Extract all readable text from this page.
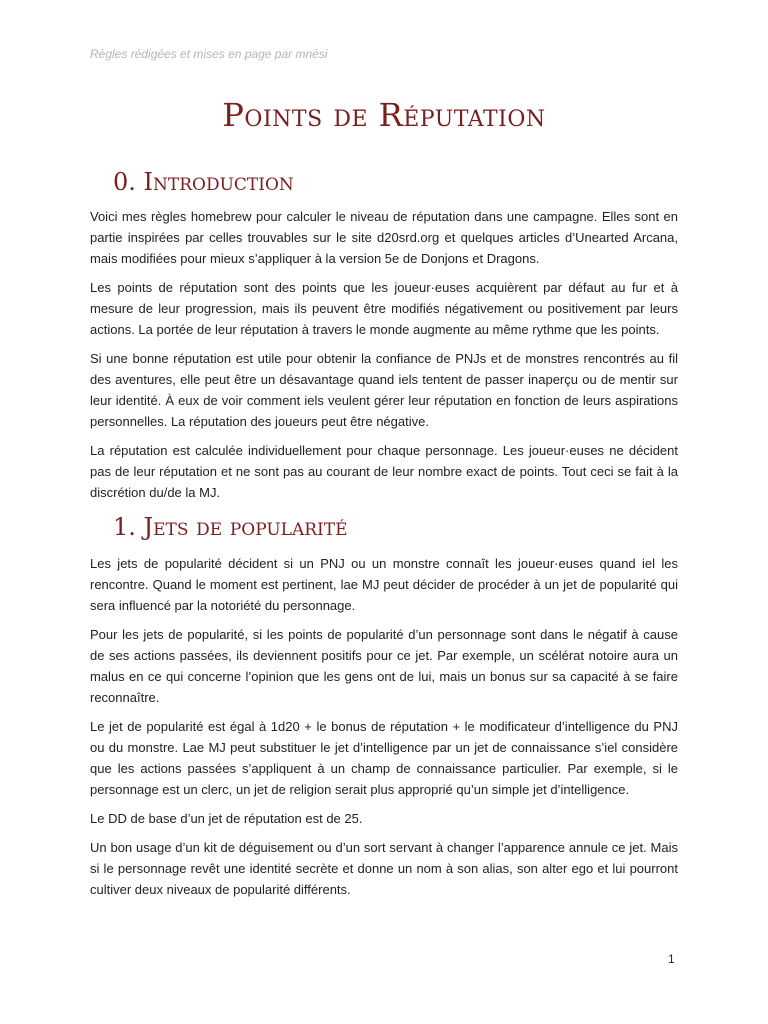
Règles rédigées et mises en page par mnési
Points de Réputation
0. Introduction

Voici mes règles homebrew pour calculer le niveau de réputation dans une campagne. Elles sont en partie inspirées par celles trouvables sur le site d20srd.org et quelques articles d’Unearted Arcana, mais modifiées pour mieux s’appliquer à la version 5e de Donjons et Dragons.

Les points de réputation sont des points que les joueur·euses acquièrent par défaut au fur et à mesure de leur progression, mais ils peuvent être modifiés négativement ou positivement par leurs actions. La portée de leur réputation à travers le monde augmente au même rythme que les points.

Si une bonne réputation est utile pour obtenir la confiance de PNJs et de monstres rencontrés au fil des aventures, elle peut être un désavantage quand iels tentent de passer inaperçu ou de mentir sur leur identité. À eux de voir comment iels veulent gérer leur réputation en fonction de leurs aspirations personnelles. La réputation des joueurs peut être négative.

La réputation est calculée individuellement pour chaque personnage. Les joueur·euses ne décident pas de leur réputation et ne sont pas au courant de leur nombre exact de points. Tout ceci se fait à la discrétion du/de la MJ.

1. Jets de popularité

Les jets de popularité décident si un PNJ ou un monstre connaît les joueur·euses quand iel les rencontre. Quand le moment est pertinent, lae MJ peut décider de procéder à un jet de popularité qui sera influencé par la notoriété du personnage.

Pour les jets de popularité, si les points de popularité d’un personnage sont dans le négatif à cause de ses actions passées, ils deviennent positifs pour ce jet. Par exemple, un scélérat notoire aura un malus en ce qui concerne l’opinion que les gens ont de lui, mais un bonus sur sa capacité à se faire reconnaître.

Le jet de popularité est égal à 1d20 + le bonus de réputation + le modificateur d’intelligence du PNJ ou du monstre. Lae MJ peut substituer le jet d’intelligence par un jet de connaissance s’iel considère que les actions passées s’appliquent à un champ de connaissance particulier. Par exemple, si le personnage est un clerc, un jet de religion serait plus approprié qu’un simple jet d’intelligence.

Le DD de base d’un jet de réputation est de 25.

Un bon usage d’un kit de déguisement ou d’un sort servant à changer l’apparence annule ce jet. Mais si le personnage revêt une identité secrète et donne un nom à son alias, son alter ego et lui pourront cultiver deux niveaux de popularité différents.

1
